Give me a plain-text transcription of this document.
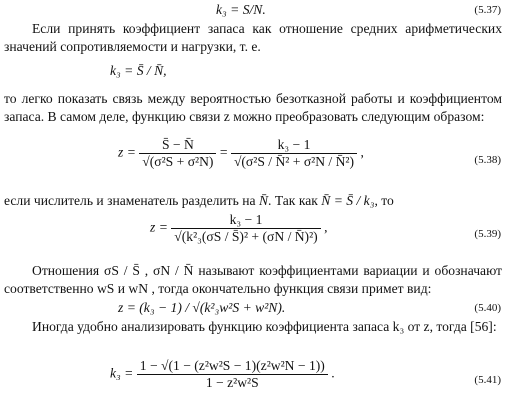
k₃ = S/N.	(5.37)
Если принять коэффициент запаса как отношение средних арифметических значений сопротивляемости и нагрузки, т. е.
k₃ = S̄ / N̄,
то легко показать связь между вероятностью безотказной работы и коэффициентом запаса. В самом деле, функцию связи z можно преобразовать следующим образом:
$z = \frac{S̄ - N̄}{\text{√(σ²S + σ²N)}} = \frac{\text{k₃ − 1}}{\text{√(σ²S / N̄² + σ²N / N̄²)}}$ ,
(5.38)
если числитель и знаменатель разделить на N̄. Так как N̄ = S̄ / k₃, то
$z = \frac{\text{k₃ − 1}}{\text{√(k²₃(σS / S̄)² + (σN / N̄)²)}}$ ,	(5.39)
Отношения σS / S̄ , σN / N̄ называют коэффициентами вариации и обозначают соответственно wS и wN , тогда окончательно функция связи примет вид:
z = (k₃ − 1) / √(k²₃w²S + w²N).	(5.40)
Иногда удобно анализировать функцию коэффициента запаса k₃ от z, тогда [56]:
$k_3 = \frac{\text{1 − √(1 − (z²w²S − 1)(z²w²N − 1))}}{\text{1 − z²w²S}}$ .	(5.41)
